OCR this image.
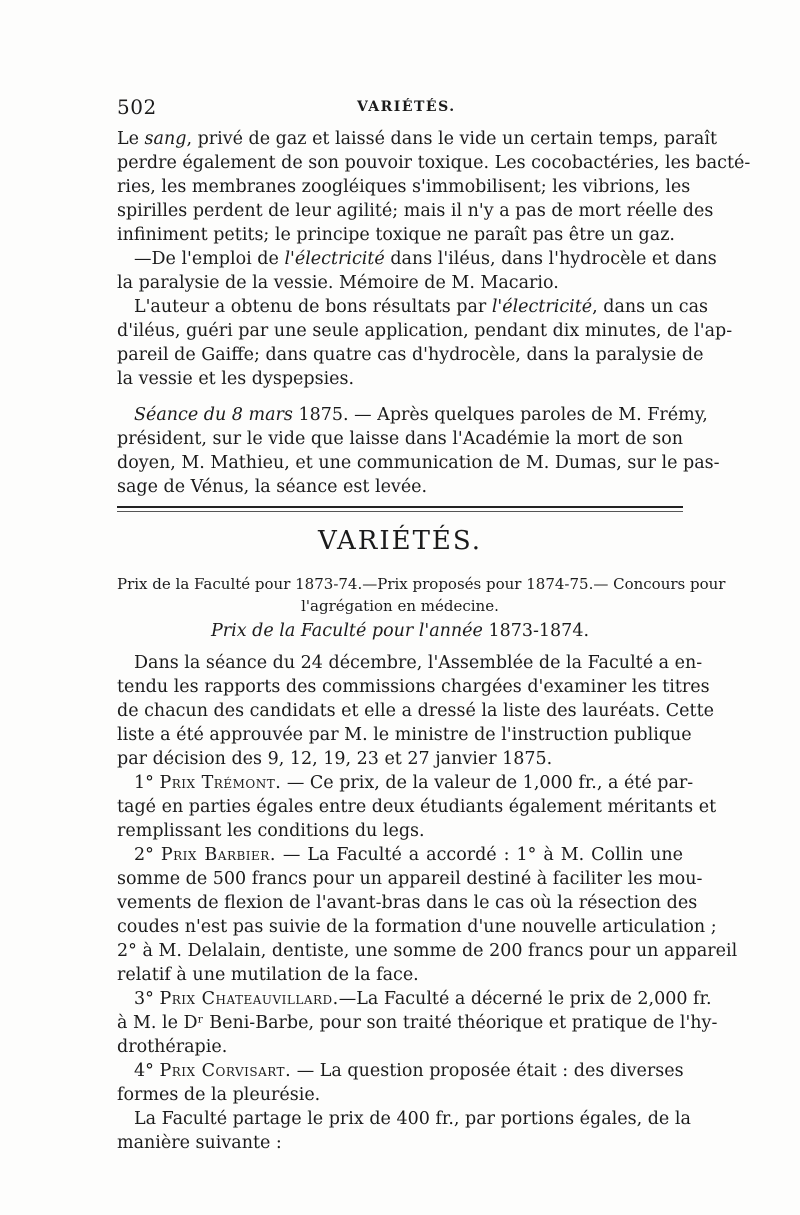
502	VARIÉTÉS.
Le sang, privé de gaz et laissé dans le vide un certain temps, paraît
perdre également de son pouvoir toxique. Les cocobactéries, les bacté-
ries, les membranes zoogléiques s'immobilisent; les vibrions, les
spirilles perdent de leur agilité; mais il n'y a pas de mort réelle des
infiniment petits; le principe toxique ne paraît pas être un gaz.
—De l'emploi de l'électricité dans l'iléus, dans l'hydrocèle et dans
la paralysie de la vessie. Mémoire de M. Macario.
L'auteur a obtenu de bons résultats par l'électricité, dans un cas
d'iléus, guéri par une seule application, pendant dix minutes, de l'ap-
pareil de Gaiffe; dans quatre cas d'hydrocèle, dans la paralysie de
la vessie et les dyspepsies.
Séance du 8 mars 1875. — Après quelques paroles de M. Frémy,
président, sur le vide que laisse dans l'Académie la mort de son
doyen, M. Mathieu, et une communication de M. Dumas, sur le pas-
sage de Vénus, la séance est levée.
VARIÉTÉS.
Prix de la Faculté pour 1873-74.—Prix proposés pour 1874-75.— Concours pour
l'agrégation en médecine.
Prix de la Faculté pour l'année 1873-1874.
Dans la séance du 24 décembre, l'Assemblée de la Faculté a en-
tendu les rapports des commissions chargées d'examiner les titres
de chacun des candidats et elle a dressé la liste des lauréats. Cette
liste a été approuvée par M. le ministre de l'instruction publique
par décision des 9, 12, 19, 23 et 27 janvier 1875.
1° Prix Trémont. — Ce prix, de la valeur de 1,000 fr., a été par-
tagé en parties égales entre deux étudiants également méritants et
remplissant les conditions du legs.
2° Prix Barbier. — La Faculté a accordé : 1° à M. Collin une
somme de 500 francs pour un appareil destiné à faciliter les mou-
vements de flexion de l'avant-bras dans le cas où la résection des
coudes n'est pas suivie de la formation d'une nouvelle articulation ;
2° à M. Delalain, dentiste, une somme de 200 francs pour un appareil
relatif à une mutilation de la face.
3° Prix Chateauvillard.—La Faculté a décerné le prix de 2,000 fr.
à M. le Dʳ Beni-Barbe, pour son traité théorique et pratique de l'hy-
drothérapie.
4° Prix Corvisart. — La question proposée était : des diverses
formes de la pleurésie.
La Faculté partage le prix de 400 fr., par portions égales, de la
manière suivante :
